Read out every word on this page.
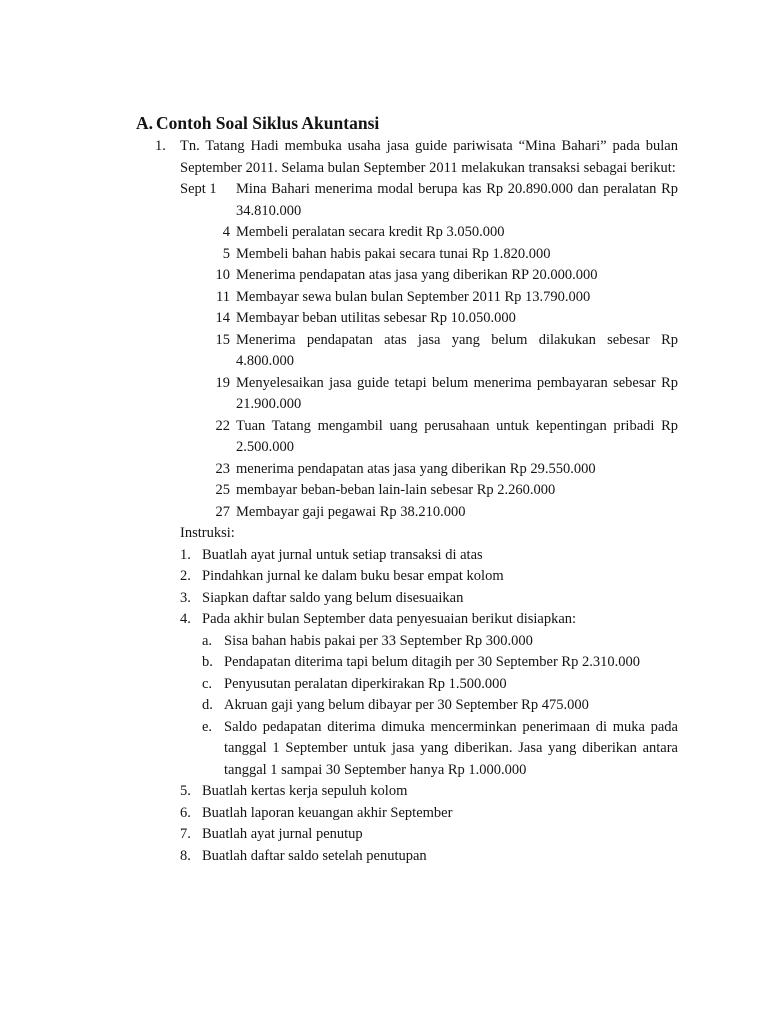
A. Contoh Soal Siklus Akuntansi
1. Tn. Tatang Hadi membuka usaha jasa guide pariwisata “Mina Bahari” pada bulan September 2011. Selama bulan September 2011 melakukan transaksi sebagai berikut:
Sept 1	Mina Bahari menerima modal berupa kas Rp 20.890.000 dan peralatan Rp 34.810.000
4 Membeli peralatan secara kredit Rp 3.050.000
5 Membeli bahan habis pakai secara tunai Rp 1.820.000
10 Menerima pendapatan atas jasa yang diberikan RP 20.000.000
11 Membayar sewa bulan bulan September 2011 Rp 13.790.000
14 Membayar beban utilitas sebesar Rp 10.050.000
15 Menerima pendapatan atas jasa yang belum dilakukan sebesar Rp 4.800.000
19 Menyelesaikan jasa guide tetapi belum menerima pembayaran sebesar Rp 21.900.000
22 Tuan Tatang mengambil uang perusahaan untuk kepentingan pribadi Rp 2.500.000
23 menerima pendapatan atas jasa yang diberikan Rp 29.550.000
25 membayar beban-beban lain-lain sebesar Rp 2.260.000
27 Membayar gaji pegawai Rp 38.210.000
Instruksi:
1. Buatlah ayat jurnal untuk setiap transaksi di atas
2. Pindahkan jurnal ke dalam buku besar empat kolom
3. Siapkan daftar saldo yang belum disesuaikan
4. Pada akhir bulan September data penyesuaian berikut disiapkan:
a. Sisa bahan habis pakai per 33 September Rp 300.000
b. Pendapatan diterima tapi belum ditagih per 30 September Rp 2.310.000
c. Penyusutan peralatan diperkirakan Rp 1.500.000
d. Akruan gaji yang belum dibayar per 30 September Rp 475.000
e. Saldo pedapatan diterima dimuka mencerminkan penerimaan di muka pada tanggal 1 September untuk jasa yang diberikan. Jasa yang diberikan antara tanggal 1 sampai 30 September hanya Rp 1.000.000
5. Buatlah kertas kerja sepuluh kolom
6. Buatlah laporan keuangan akhir September
7. Buatlah ayat jurnal penutup
8. Buatlah daftar saldo setelah penutupan
